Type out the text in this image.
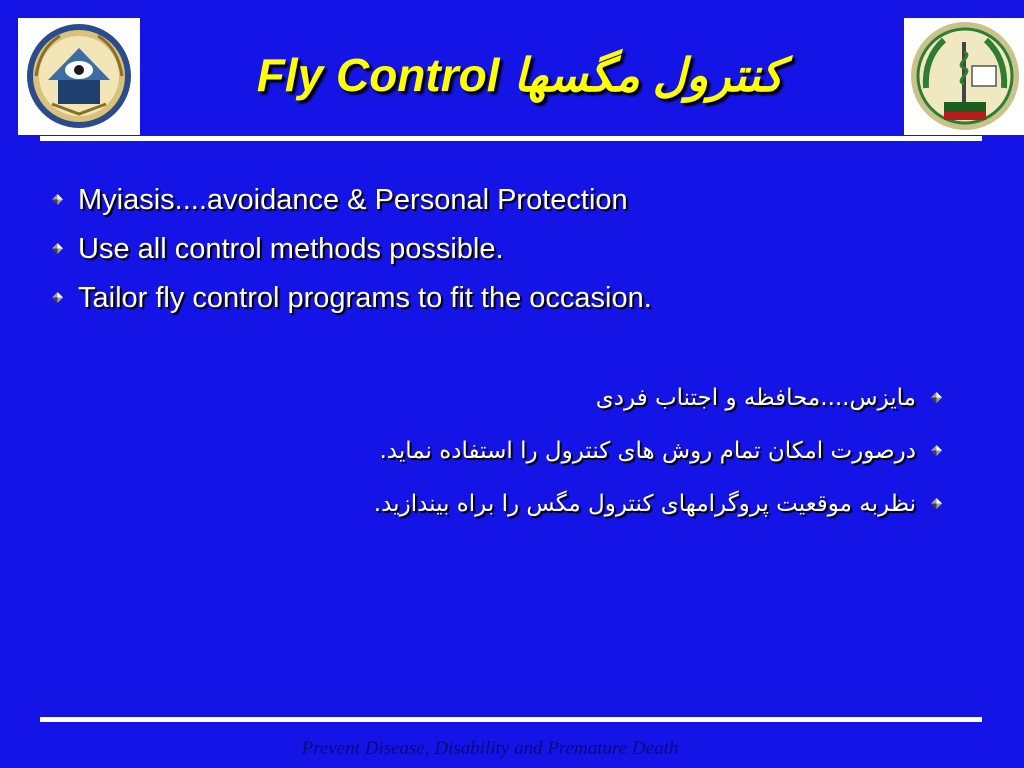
Fly Control کنترول مگسها
Myiasis....avoidance & Personal Protection
Use all control methods possible.
Tailor fly control programs to fit the occasion.
مایزس....محافظه و اجتناب فردی
درصورت امکان تمام روش های کنترول را استفاده نماید.
نظربه موقعیت پروگرامهای کنترول مگس را براه بیندازید.
Prevent Disease, Disability and Premature Death
